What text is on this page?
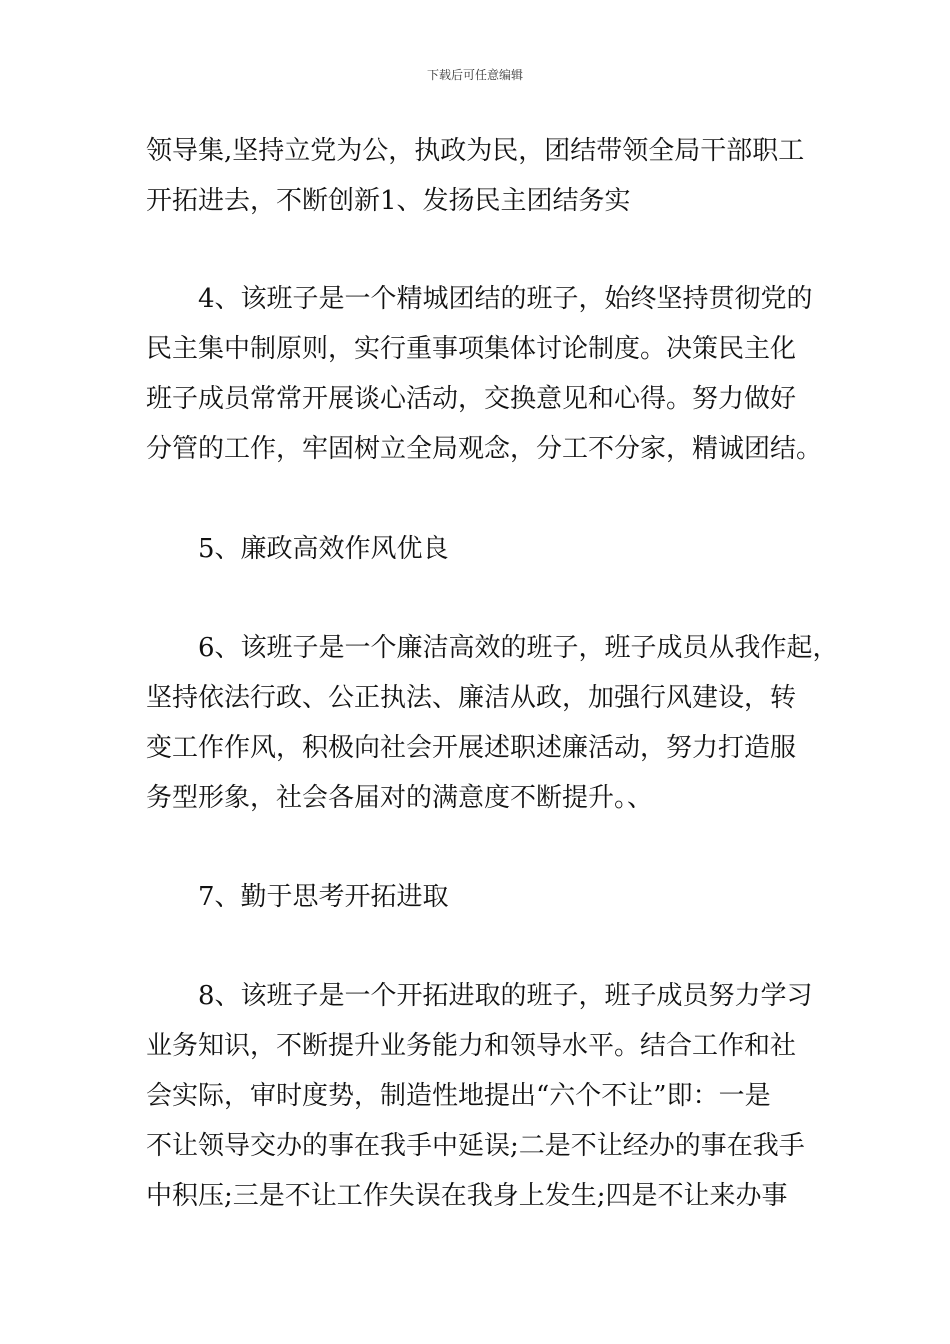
下载后可任意编辑
领导集,坚持立党为公，执政为民，团结带领全局干部职工
开拓进去，不断创新1、发扬民主团结务实
4、该班子是一个精城团结的班子，始终坚持贯彻党的
民主集中制原则，实行重事项集体讨论制度。决策民主化
班子成员常常开展谈心活动，交换意见和心得。努力做好
分管的工作，牢固树立全局观念，分工不分家，精诚团结。
5、廉政高效作风优良
6、该班子是一个廉洁高效的班子，班子成员从我作起，
坚持依法行政、公正执法、廉洁从政，加强行风建设，转
变工作作风，积极向社会开展述职述廉活动，努力打造服
务型形象，社会各届对的满意度不断提升。、
7、勤于思考开拓进取
8、该班子是一个开拓进取的班子，班子成员努力学习
业务知识，不断提升业务能力和领导水平。结合工作和社
会实际，审时度势，制造性地提出“六个不让”即：一是
不让领导交办的事在我手中延误;二是不让经办的事在我手
中积压;三是不让工作失误在我身上发生;四是不让来办事
